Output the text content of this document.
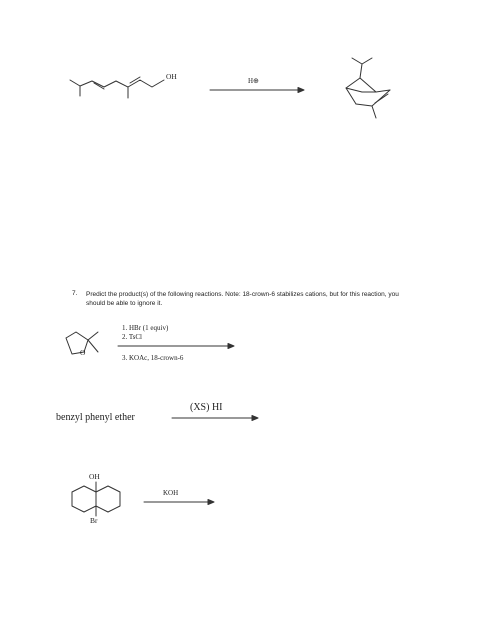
OH	H⊕
7. Predict the product(s) of the following reactions. Note: 18-crown-6 stabilizes cations, but for this reaction, you should be able to ignore it.
O
1. HBr (1 equiv)
2. TsCl
3. KOAc, 18-crown-6
benzyl phenyl ether
(XS) HI
OH
Br
KOH
